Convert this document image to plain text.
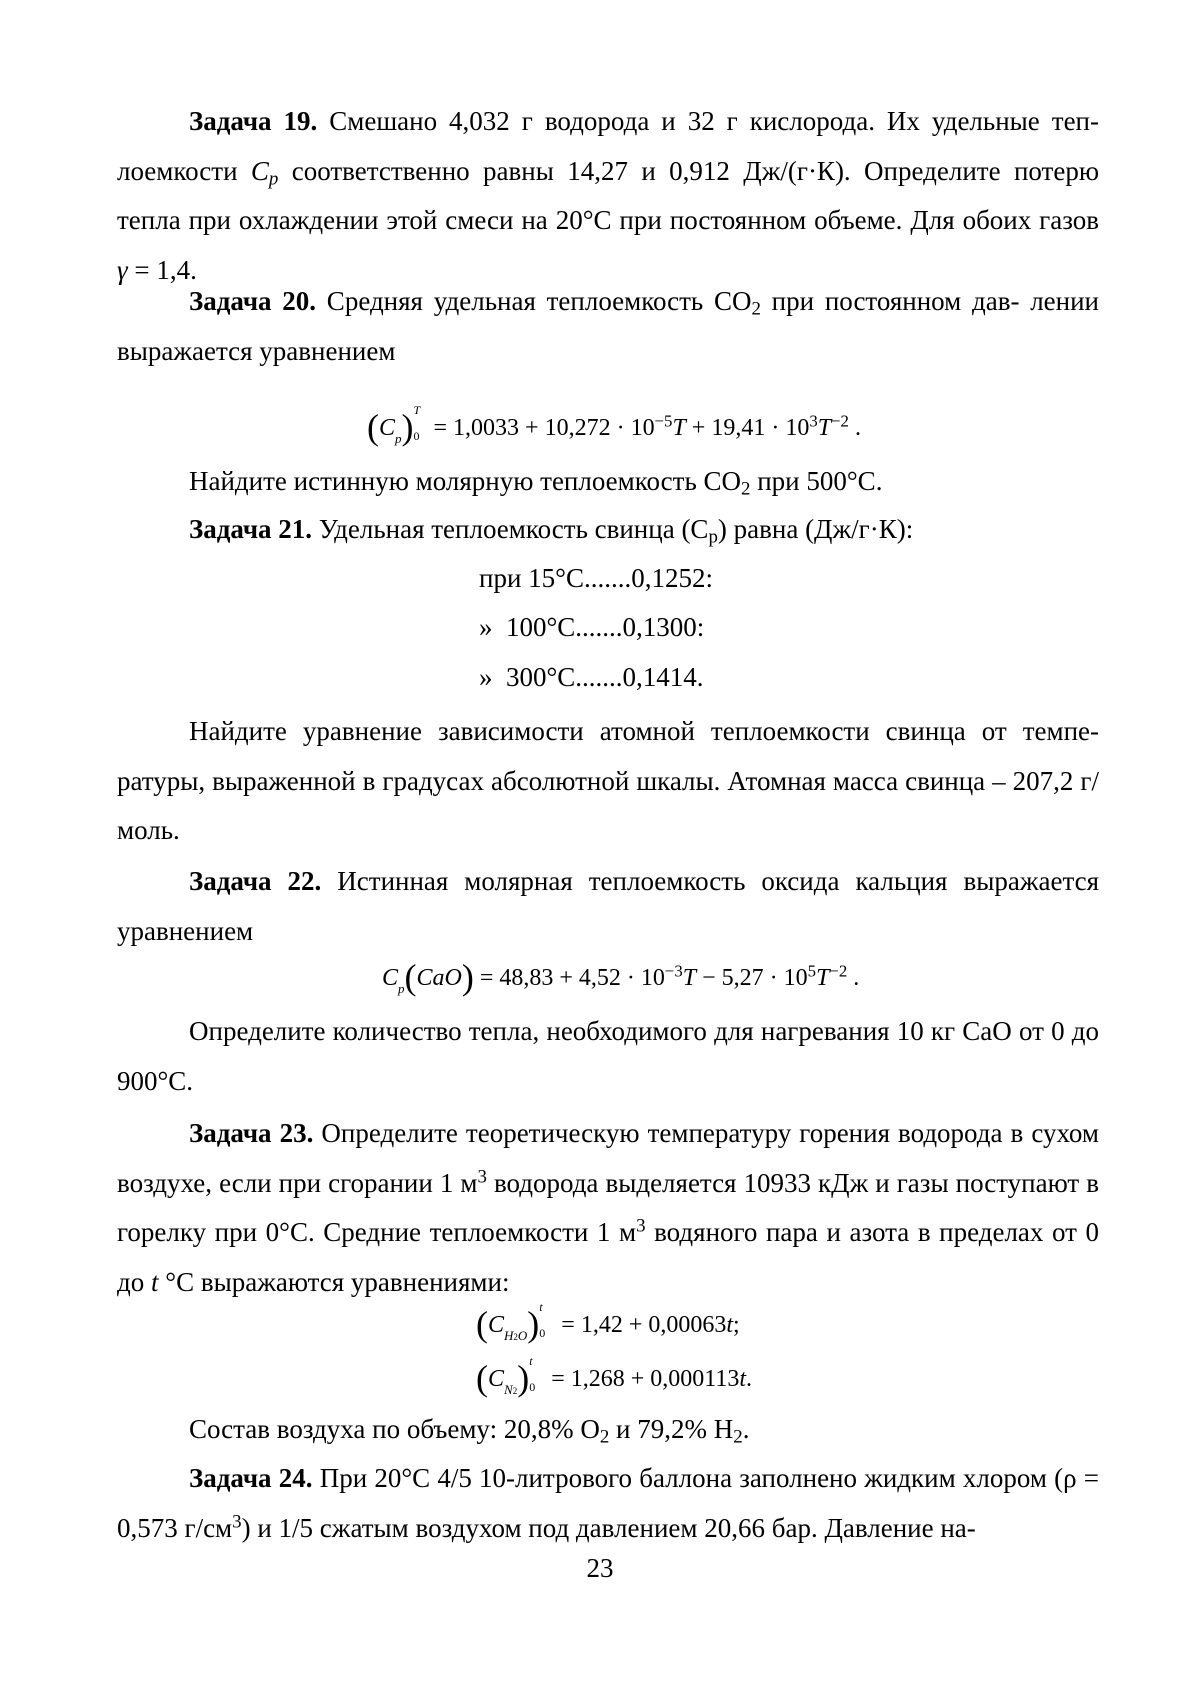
Задача 19. Смешано 4,032 г водорода и 32 г кислорода. Их удельные теп- лоемкости $C_p$ соответственно равны 14,27 и 0,912 Дж/(г·К). Определите потерю тепла при охлаждении этой смеси на 20°С при постоянном объеме. Для обоих газов γ = 1,4.

Задача 20. Средняя удельная теплоемкость $СО_2$ при постоянном дав- лении выражается уравнением

$(C_p)$ T
$0 = 1,0033 + 10,272 \cdot 10^{-5}T + 19,41 \cdot 10^3T^{-2}$ .

Найдите истинную молярную теплоемкость $СО_2$ при 500°С.

Задача 21. Удельная теплоемкость свинца $(С_p)$ равна (Дж/г·К):

при 15°С.......0,1252:
»  100°С.......0,1300:
»  300°С.......0,1414.

Найдите уравнение зависимости атомной теплоемкости свинца от темпе- ратуры, выраженной в градусах абсолютной шкалы. Атомная масса свинца – 207,2 г/моль.

Задача 22. Истинная молярная теплоемкость оксида кальция выражается уравнением

$C_p(CaO) = 48,83 + 4,52 \cdot 10^{-3}T - 5,27 \cdot 10^5T^{-2}$ .

Определите количество тепла, необходимого для нагревания 10 кг СаО от 0 до 900°С.

Задача 23. Определите теоретическую температуру горения водорода в сухом воздухе, если при сгорании 1 $м^3$ водорода выделяется 10933 кДж и газы поступают в горелку при 0°С. Средние теплоемкости 1 $м^3$ водяного пара и азота в пределах от 0 до t °С выражаются уравнениями:

$(C_{H2O})$ t
0 = 1,42 + 0,00063t;
$(C_{N2})$ t
0 = 1,268 + 0,000113t.

Состав воздуха по объему: 20,8% $О_2$ и 79,2% $Н_2$.

Задача 24. При 20°С 4/5 10-литрового баллона заполнено жидким хлором (ρ = 0,573 $г/см^3$) и 1/5 сжатым воздухом под давлением 20,66 бар. Давление на-

23
